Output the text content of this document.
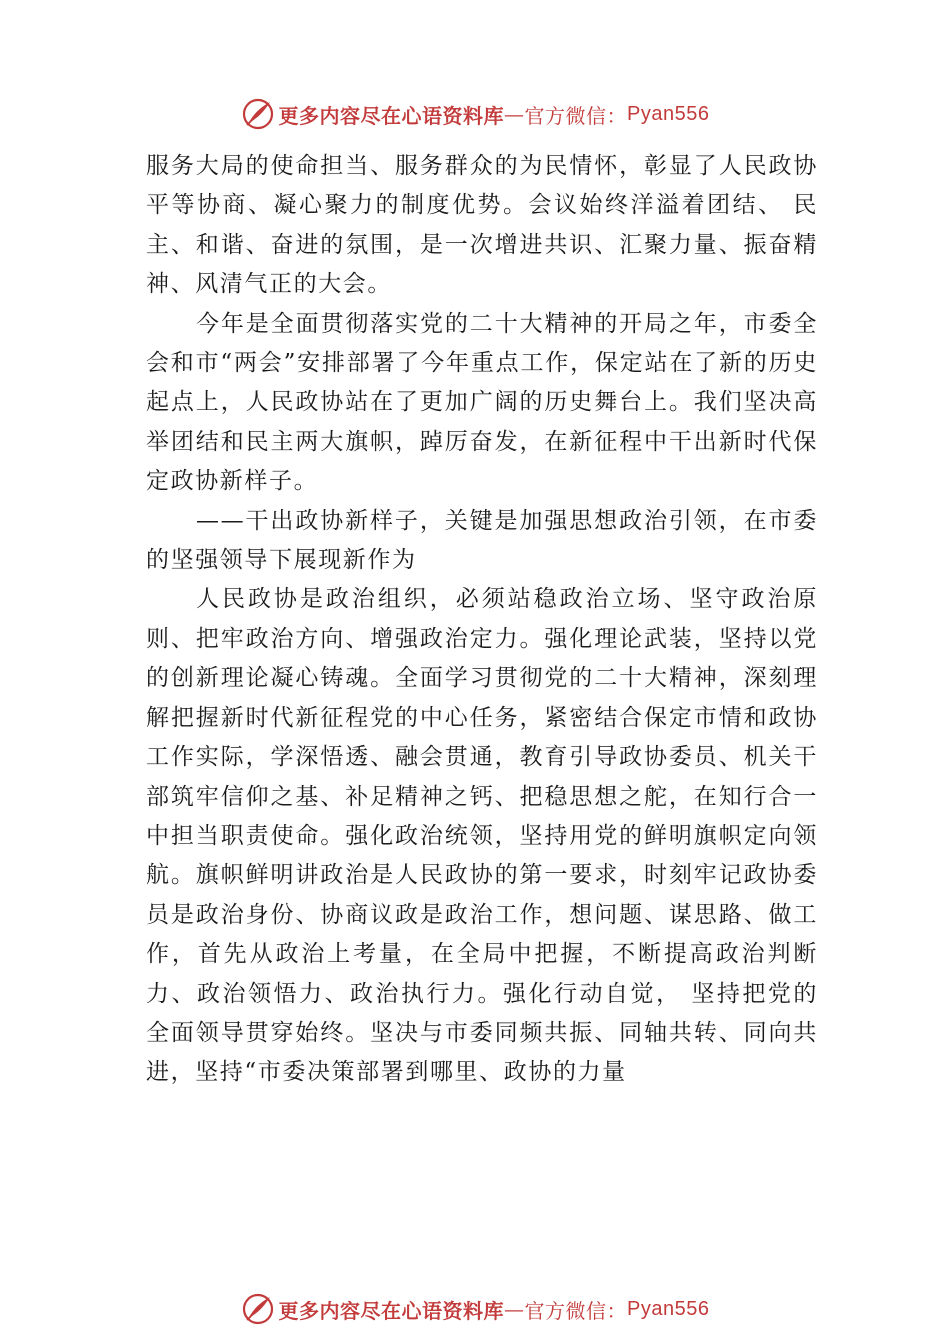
更多内容尽在心语资料库 — 官方微信： Pyan556

服务大局的使命担当、服务群众的为民情怀，彰显了人民政协平等协商、凝心聚力的制度优势。会议始终洋溢着团结、 民主、和谐、奋进的氛围，是一次增进共识、汇聚力量、振奋精神、风清气正的大会。

今年是全面贯彻落实党的二十大精神的开局之年，市委全会和市“两会”安排部署了今年重点工作，保定站在了新的历史起点上，人民政协站在了更加广阔的历史舞台上。我们坚决高举团结和民主两大旗帜，踔厉奋发，在新征程中干出新时代保定政协新样子。

——干出政协新样子，关键是加强思想政治引领，在市委的坚强领导下展现新作为

人民政协是政治组织，必须站稳政治立场、坚守政治原则、把牢政治方向、增强政治定力。强化理论武装，坚持以党的创新理论凝心铸魂。全面学习贯彻党的二十大精神，深刻理解把握新时代新征程党的中心任务，紧密结合保定市情和政协工作实际，学深悟透、融会贯通，教育引导政协委员、机关干部筑牢信仰之基、补足精神之钙、把稳思想之舵，在知行合一中担当职责使命。强化政治统领，坚持用党的鲜明旗帜定向领航。旗帜鲜明讲政治是人民政协的第一要求，时刻牢记政协委员是政治身份、协商议政是政治工作，想问题、谋思路、做工作，首先从政治上考量，在全局中把握，不断提高政治判断力、政治领悟力、政治执行力。强化行动自觉， 坚持把党的全面领导贯穿始终。坚决与市委同频共振、同轴共转、同向共进，坚持“市委决策部署到哪里、政协的力量

更多内容尽在心语资料库 — 官方微信： Pyan556
